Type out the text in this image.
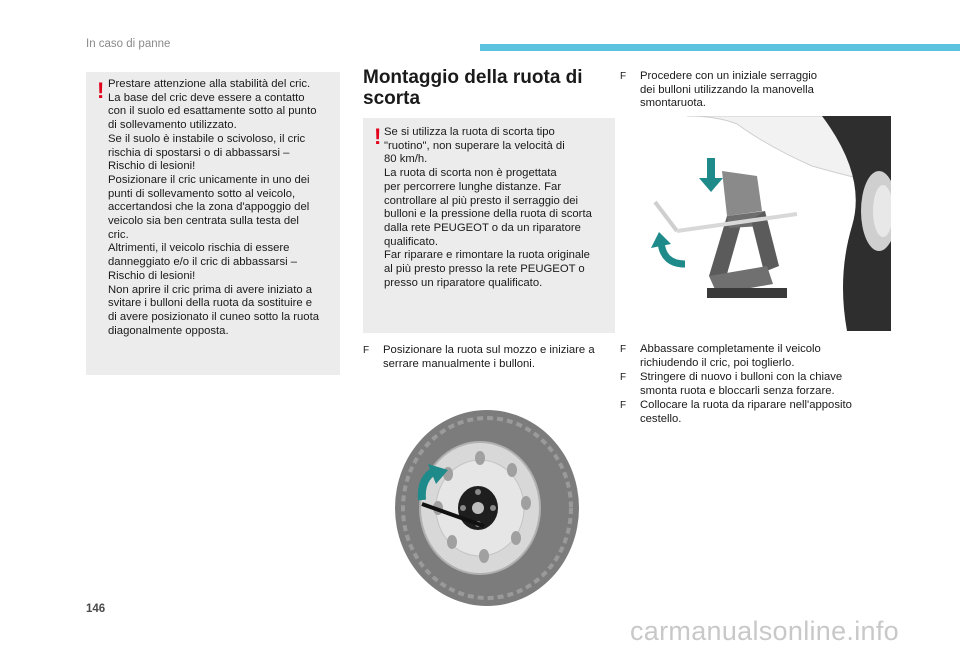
In caso di panne
! Prestare attenzione alla stabilità del cric.
La base del cric deve essere a contatto
con il suolo ed esattamente sotto al punto
di sollevamento utilizzato.
Se il suolo è instabile o scivoloso, il cric
rischia di spostarsi o di abbassarsi –
Rischio di lesioni!
Posizionare il cric unicamente in uno dei
punti di sollevamento sotto al veicolo,
accertandosi che la zona d'appoggio del
veicolo sia ben centrata sulla testa del
cric.
Altrimenti, il veicolo rischia di essere
danneggiato e/o il cric di abbassarsi –
Rischio di lesioni!
Non aprire il cric prima di avere iniziato a
svitare i bulloni della ruota da sostituire e
di avere posizionato il cuneo sotto la ruota
diagonalmente opposta.
Montaggio della ruota di
scorta
! Se si utilizza la ruota di scorta tipo
"ruotino", non superare la velocità di
80 km/h.
La ruota di scorta non è progettata
per percorrere lunghe distanze. Far
controllare al più presto il serraggio dei
bulloni e la pressione della ruota di scorta
dalla rete PEUGEOT o da un riparatore
qualificato.
Far riparare e rimontare la ruota originale
al più presto presso la rete PEUGEOT o
presso un riparatore qualificato.
F Posizionare la ruota sul mozzo e iniziare a
serrare manualmente i bulloni.
F Procedere con un iniziale serraggio
dei bulloni utilizzando la manovella
smontaruota.
F Abbassare completamente il veicolo
richiudendo il cric, poi toglierlo.
F Stringere di nuovo i bulloni con la chiave
smonta ruota e bloccarli senza forzare.
F Collocare la ruota da riparare nell'apposito
cestello.
146
carmanualsonline.info
